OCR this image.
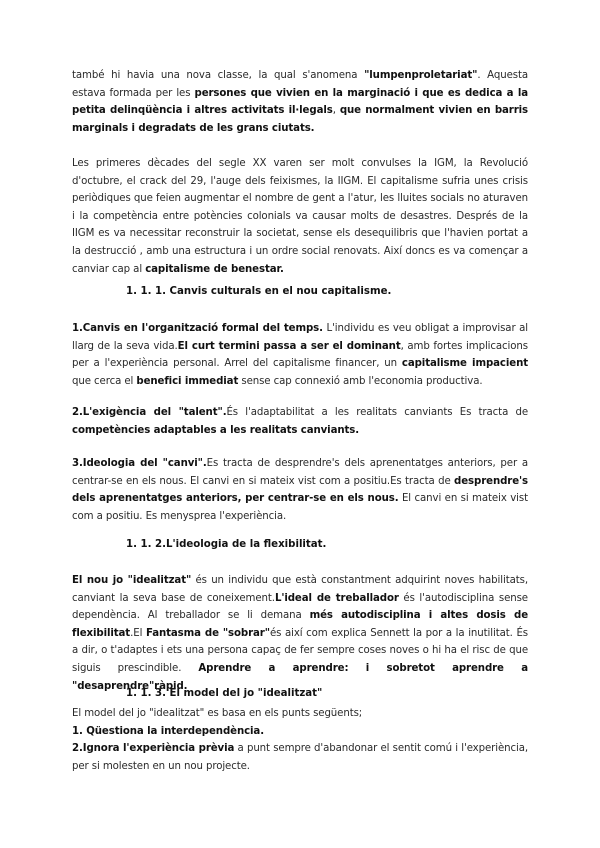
també hi havia una nova classe, la qual s'anomena "lumpenproletariat". Aquesta estava formada per les persones que vivien en la marginació i que es dedica a la petita delinqüència i altres activitats il·legals, que normalment vivien en barris marginals i degradats de les grans ciutats.
Les primeres dècades del segle XX varen ser molt convulses la IGM, la Revolució d'octubre, el crack del 29, l'auge dels feixismes, la IIGM. El capitalisme sufria unes crisis periòdiques que feien augmentar el nombre de gent a l'atur, les lluites socials no aturaven i la competència entre potències colonials va causar molts de desastres. Després de la IIGM es va necessitar reconstruir la societat, sense els desequilibris que l'havien portat a la destrucció , amb una estructura i un ordre social renovats. Així doncs es va començar a canviar cap al capitalisme de benestar.
1. 1. 1. Canvis culturals en el nou capitalisme.
1.Canvis en l'organització formal del temps. L'individu es veu obligat a improvisar al llarg de la seva vida.El curt termini passa a ser el dominant, amb fortes implicacions per a l'experiència personal. Arrel del capitalisme financer, un capitalisme impacient que cerca el benefici immediat sense cap connexió amb l'economia productiva.
2.L'exigència del "talent".És l'adaptabilitat a les realitats canviants Es tracta de competències adaptables a les realitats canviants.
3.Ideologia del "canvi".Es tracta de desprendre's dels aprenentatges anteriors, per a centrar-se en els nous. El canvi en si mateix vist com a positiu.Es tracta de desprendre's dels aprenentatges anteriors, per centrar-se en els nous. El canvi en si mateix vist com a positiu. Es menyspreа l'experiència.
1. 1. 2.L'ideologia de la flexibilitat.
El nou jo "idealitzat" és un individu que està constantment adquirint noves habilitats, canviant la seva base de coneixement.L'ideal de treballador és l'autodisciplina sense dependència. Al treballador se li demana més autodisciplina i altes dosis de flexibilitat.El Fantasma de "sobrar"és així com explica Sennett la por a la inutilitat. És a dir, o t'adaptes i ets una persona capaç de fer sempre coses noves o hi ha el risc de que siguis prescindible. Aprendre a aprendre: i sobretot aprendre a "desaprendre"ràpid.
1. 1. 3. El model del jo "idealitzat"
El model del jo "idealitzat" es basa en els punts següents;
1. Qüestiona la interdependència.
2.Ignora l'experiència prèvia a punt sempre d'abandonar el sentit comú i l'experiència, per si molesten en un nou projecte.
